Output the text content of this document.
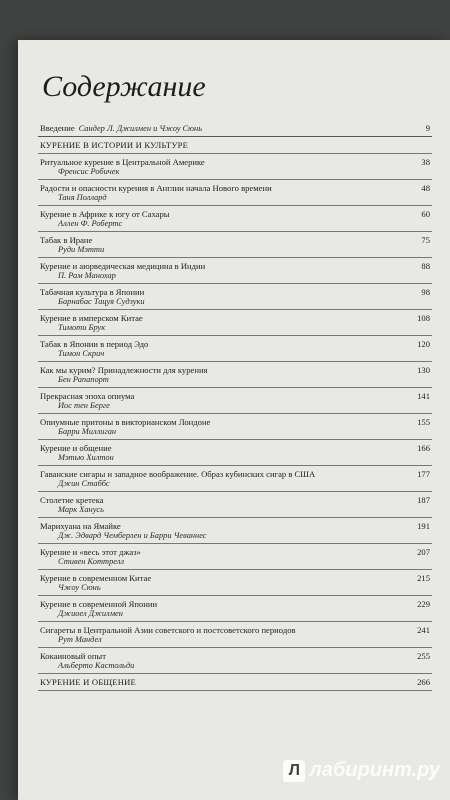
Содержание
Введение Сандер Л. Джилмен и Чжоу Сюнь	9
КУРЕНИЕ В ИСТОРИИ И КУЛЬТУРЕ
Ритуальное курение в Центральной Америке	38
Френсис Робичек
Радости и опасности курения в Англии начала Нового времени	48
Таня Поллард
Курение в Африке к югу от Сахары	60
Аллен Ф. Робертс
Табак в Иране	75
Руди Мэтти
Курение и аюрведическая медицина в Индии	88
П. Рам Манохар
Табачная культура в Японии	98
Барнабас Тацуя Судзуки
Курение в имперском Китае	108
Тимоти Брук
Табак в Японии в период Эдо	120
Тимон Скрич
Как мы курим? Принадлежности для курения	130
Бен Рапапорт
Прекрасная эпоха опиума	141
Иос тен Берге
Опиумные притоны в викторианском Лондоне	155
Барри Миллиган
Курение и общение	166
Мэтью Хилтон
Гаванские сигары и западное воображение. Образ кубинских сигар в США	177
Джин Стаббс
Столетие кретека	187
Марк Ханусь
Марихуана на Ямайке	191
Дж. Эдвард Чемберлен и Барри Чеваннес
Курение и «весь этот джаз»	207
Стивен Коттрелл
Курение в современном Китае	215
Чжоу Сюнь
Курение в современной Японии	229
Джиоел Джилмен
Сигареты в Центральной Азии советского и постсоветского периодов	241
Рут Мандел
Кокаиновый опыт	255
Альберто Кастольди
КУРЕНИЕ И ОБЩЕНИЕ	266
Л лабиринт.ру
